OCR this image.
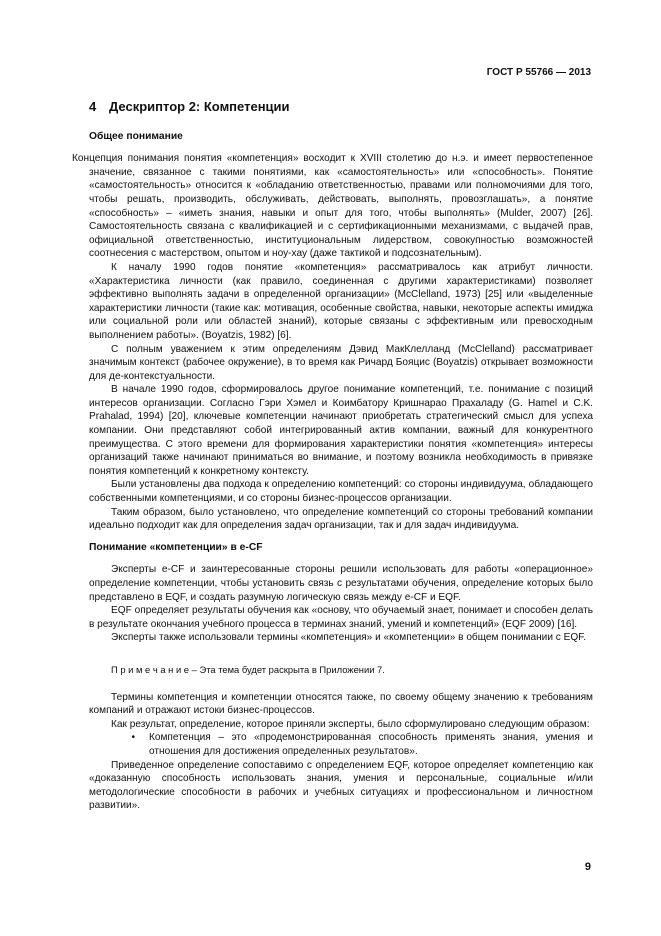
ГОСТ Р 55766 — 2013
4 Дескриптор 2: Компетенции
Общее понимание

Концепция понимания понятия «компетенция» восходит к XVIII столетию до н.э. и имеет первостепенное значение, связанное с такими понятиями, как «самостоятельность» или «способность». Понятие «самостоятельность» относится к «обладанию ответственностью, правами или полномочиями для того, чтобы решать, производить, обслуживать, действовать, выполнять, провозглашать», а понятие «способность» – «иметь знания, навыки и опыт для того, чтобы выполнять» (Mulder, 2007) [26]. Самостоятельность связана с квалификацией и с сертификационными механизмами, с выдачей прав, официальной ответственностью, институциональным лидерством, совокупностью возможностей соотнесения с мастерством, опытом и ноу-хау (даже тактикой и подсознательным).

К началу 1990 годов понятие «компетенция» рассматривалось как атрибут личности. «Характеристика личности (как правило, соединенная с другими характеристиками) позволяет эффективно выполнять задачи в определенной организации» (McClelland, 1973) [25] или «выделенные характеристики личности (такие как: мотивация, особенные свойства, навыки, некоторые аспекты имиджа или социальной роли или областей знаний), которые связаны с эффективным или превосходным выполнением работы». (Boyatzis, 1982) [6].

С полным уважением к этим определениям Дэвид МакКлелланд (McClelland) рассматривает значимым контекст (рабочее окружение), в то время как Ричард Бояцис (Boyatzis) открывает возможности для де-контекстуальности.

В начале 1990 годов, сформировалось другое понимание компетенций, т.е. понимание с позиций интересов организации. Согласно Гэри Хэмел и Коимбатору Кришнарао Прахаладу (G. Hamel и C.K. Prahalad, 1994) [20], ключевые компетенции начинают приобретать стратегический смысл для успеха компании. Они представляют собой интегрированный актив компании, важный для конкурентного преимущества. С этого времени для формирования характеристики понятия «компетенция» интересы организаций также начинают приниматься во внимание, и поэтому возникла необходимость в привязке понятия компетенций к конкретному контексту.

Были установлены два подхода к определению компетенций: со стороны индивидуума, обладающего собственными компетенциями, и со стороны бизнес-процессов организации.

Таким образом, было установлено, что определение компетенций со стороны требований компании идеально подходит как для определения задач организации, так и для задач индивидуума.

Понимание «компетенции» в e-CF

Эксперты e-CF и заинтересованные стороны решили использовать для работы «операционное» определение компетенции, чтобы установить связь с результатами обучения, определение которых было представлено в EQF, и создать разумную логическую связь между e-CF и EQF.

EQF определяет результаты обучения как «основу, что обучаемый знает, понимает и способен делать в результате окончания учебного процесса в терминах знаний, умений и компетенций» (EQF 2009) [16].

Эксперты также использовали термины «компетенция» и «компетенции» в общем понимании с EQF.

П р и м е ч а н и е – Эта тема будет раскрыта в Приложении 7.

Термины компетенция и компетенции относятся также, по своему общему значению к требованиям компаний и отражают истоки бизнес-процессов.

Как результат, определение, которое приняли эксперты, было сформулировано следующим образом:

•	Компетенция – это «продемонстрированная способность применять знания, умения и отношения для достижения определенных результатов».

Приведенное определение сопоставимо с определением EQF, которое определяет компетенцию как «доказанную способность использовать знания, умения и персональные, социальные и/или методологические способности в рабочих и учебных ситуациях и профессиональном и личностном развитии».

9
